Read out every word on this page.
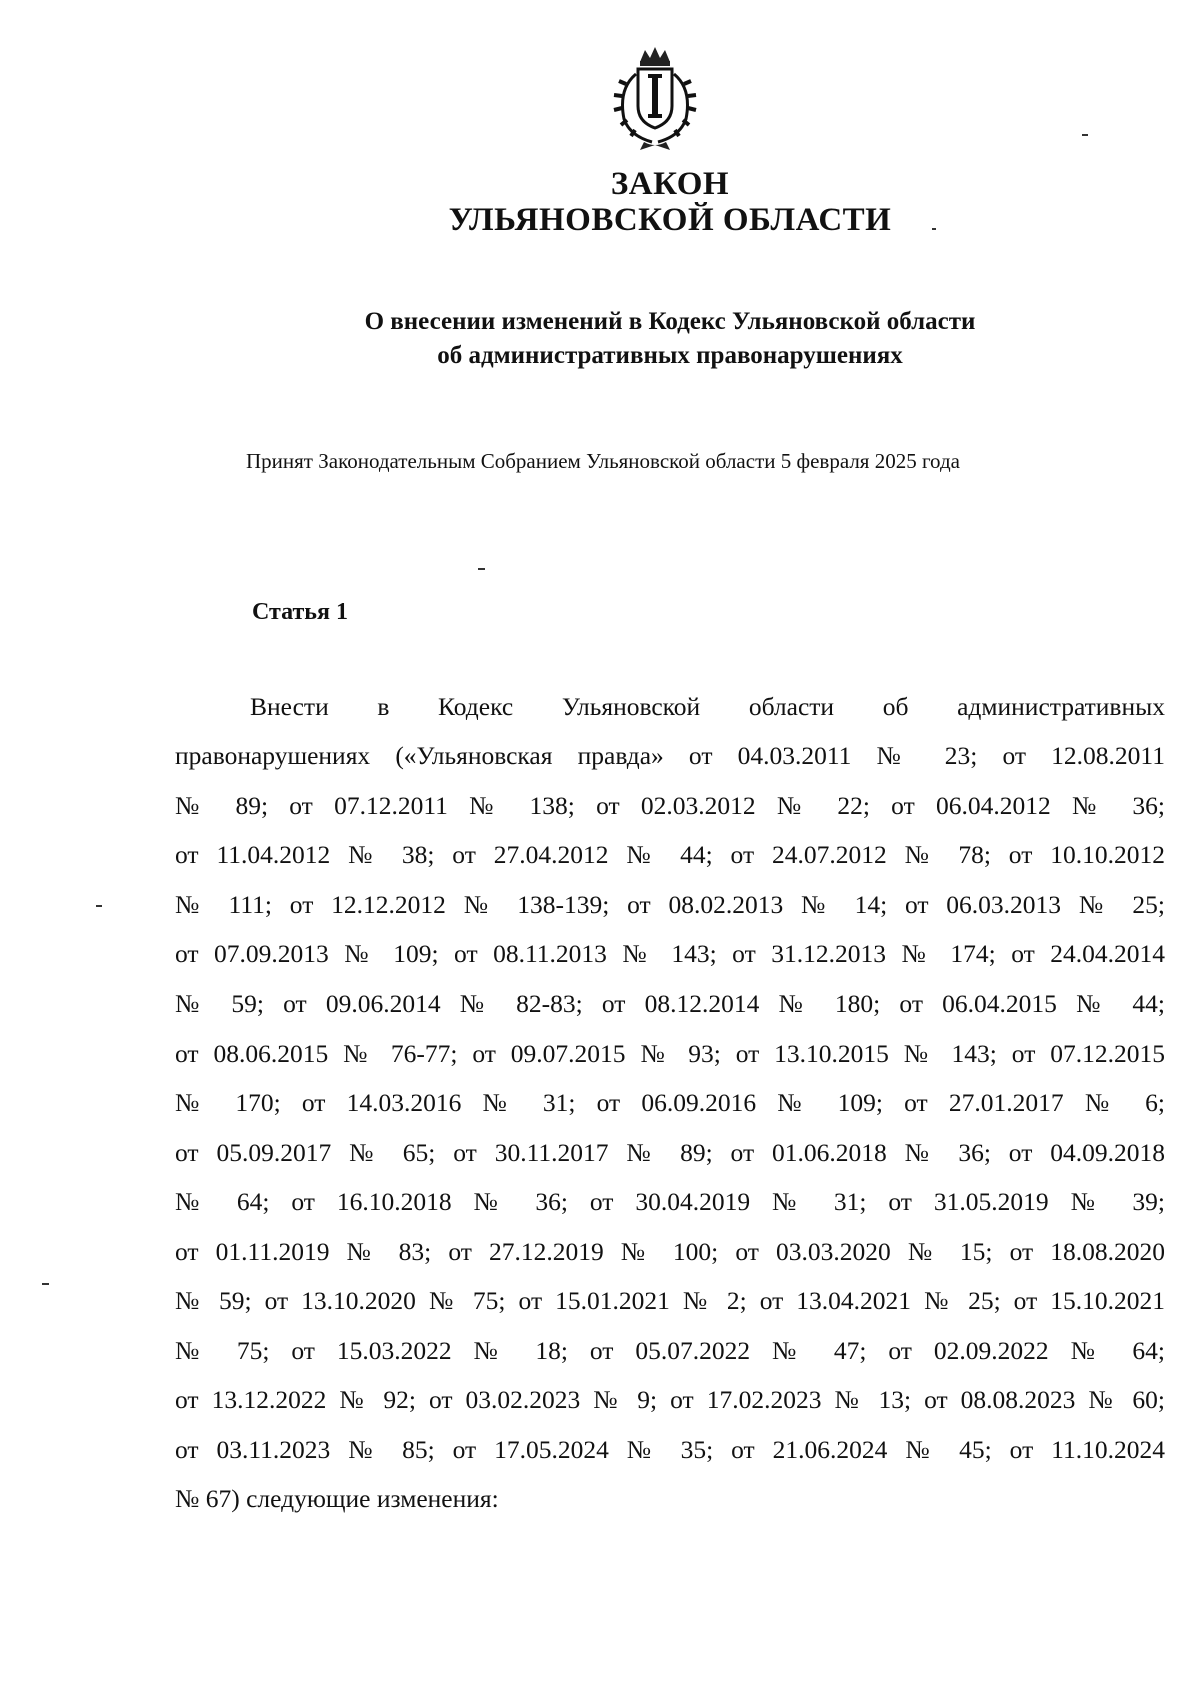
ЗАКОН
УЛЬЯНОВСКОЙ ОБЛАСТИ
О внесении изменений в Кодекс Ульяновской области
об административных правонарушениях
Принят Законодательным Собранием Ульяновской области 5 февраля 2025 года
Статья 1
Внести в Кодекс Ульяновской области об административных
правонарушениях («Ульяновская правда» от 04.03.2011 № 23; от 12.08.2011
№ 89; от 07.12.2011 № 138; от 02.03.2012 № 22; от 06.04.2012 № 36;
от 11.04.2012 № 38; от 27.04.2012 № 44; от 24.07.2012 № 78; от 10.10.2012
№ 111; от 12.12.2012 № 138-139; от 08.02.2013 № 14; от 06.03.2013 № 25;
от 07.09.2013 № 109; от 08.11.2013 № 143; от 31.12.2013 № 174; от 24.04.2014
№ 59; от 09.06.2014 № 82-83; от 08.12.2014 № 180; от 06.04.2015 № 44;
от 08.06.2015 № 76-77; от 09.07.2015 № 93; от 13.10.2015 № 143; от 07.12.2015
№ 170; от 14.03.2016 № 31; от 06.09.2016 № 109; от 27.01.2017 № 6;
от 05.09.2017 № 65; от 30.11.2017 № 89; от 01.06.2018 № 36; от 04.09.2018
№ 64; от 16.10.2018 № 36; от 30.04.2019 № 31; от 31.05.2019 № 39;
от 01.11.2019 № 83; от 27.12.2019 № 100; от 03.03.2020 № 15; от 18.08.2020
№ 59; от 13.10.2020 № 75; от 15.01.2021 № 2; от 13.04.2021 № 25; от 15.10.2021
№ 75; от 15.03.2022 № 18; от 05.07.2022 № 47; от 02.09.2022 № 64;
от 13.12.2022 № 92; от 03.02.2023 № 9; от 17.02.2023 № 13; от 08.08.2023 № 60;
от 03.11.2023 № 85; от 17.05.2024 № 35; от 21.06.2024 № 45; от 11.10.2024
№ 67) следующие изменения:
